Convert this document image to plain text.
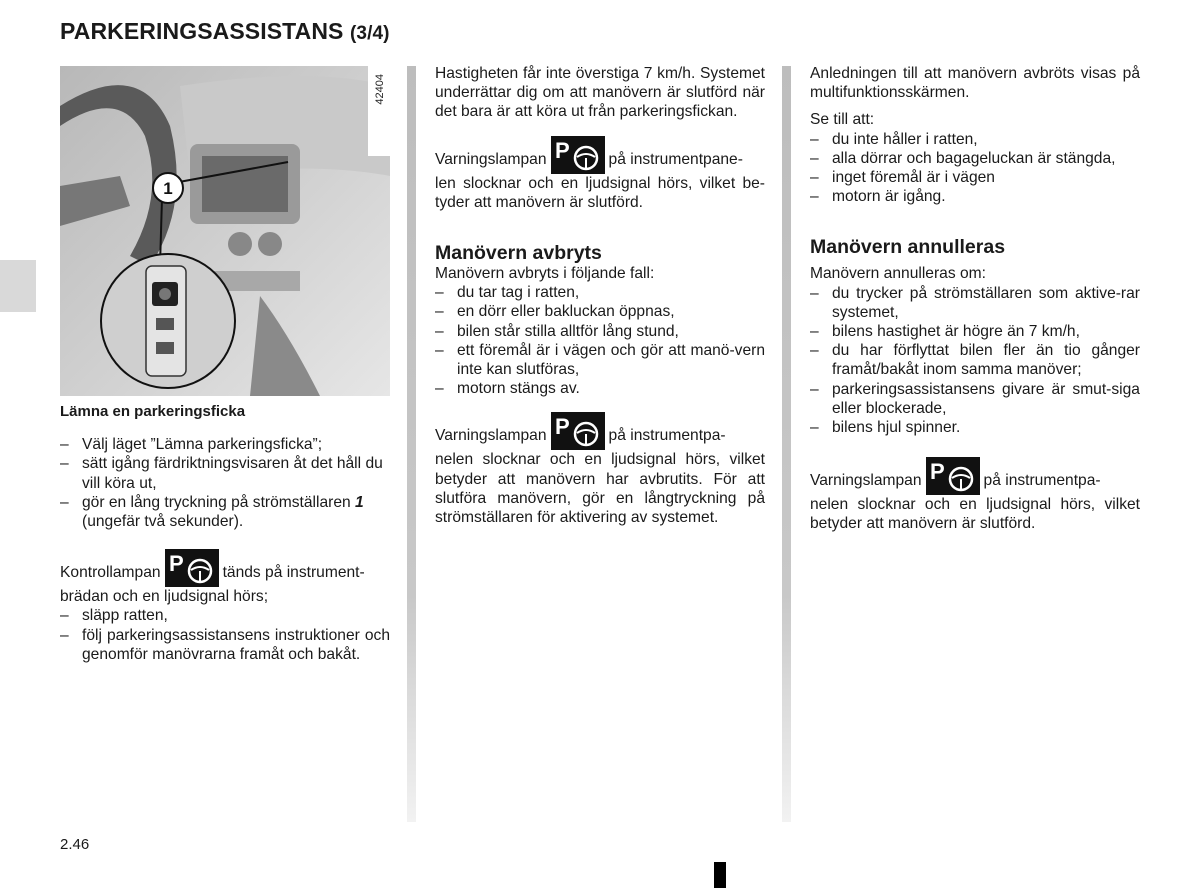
PARKERINGSASSISTANS (3/4)
1
42404

Lämna en parkeringsficka

– Välj läget ”Lämna parkeringsficka”;

– sätt igång färdriktningsvisaren åt det håll du vill köra ut,

– gör en lång tryckning på strömställaren 1
(ungefär två sekunder).

Kontrollampan P	tänds på instrument-
brädan och en ljudsignal hörs;

– släpp ratten,

– följ parkeringsassistansens instruktioner och genomför manövrarna framåt och bakåt.

Hastigheten får inte överstiga 7 km/h. Systemet underrättar dig om att manövern är slutförd när det bara är att köra ut från parkeringsfickan.

Varningslampan P	på instrumentpane-
len slocknar och en ljudsignal hörs, vilket be-tyder att manövern är slutförd.

Manövern avbryts

Manövern avbryts i följande fall:

– du tar tag i ratten,

– en dörr eller bakluckan öppnas,

– bilen står stilla alltför lång stund,

– ett föremål är i vägen och gör att manö-vern inte kan slutföras,

– motorn stängs av.

Varningslampan P	på instrumentpa-
nelen slocknar och en ljudsignal hörs, vilket betyder att manövern har avbrutits. För att slutföra manövern, gör en långtryckning på strömställaren för aktivering av systemet.

Anledningen till att manövern avbröts visas på multifunktionsskärmen.

Se till att:

– du inte håller i ratten,

– alla dörrar och bagageluckan är stängda,

– inget föremål är i vägen

– motorn är igång.

Manövern annulleras

Manövern annulleras om:

– du trycker på strömställaren som aktive-rar systemet,

– bilens hastighet är högre än 7 km/h,

– du har förflyttat bilen fler än tio gånger framåt/bakåt inom samma manöver;

– parkeringsassistansens givare är smut-siga eller blockerade,

– bilens hjul spinner.

Varningslampan P	på instrumentpa-
nelen slocknar och en ljudsignal hörs, vilket betyder att manövern är slutförd.

2.46
